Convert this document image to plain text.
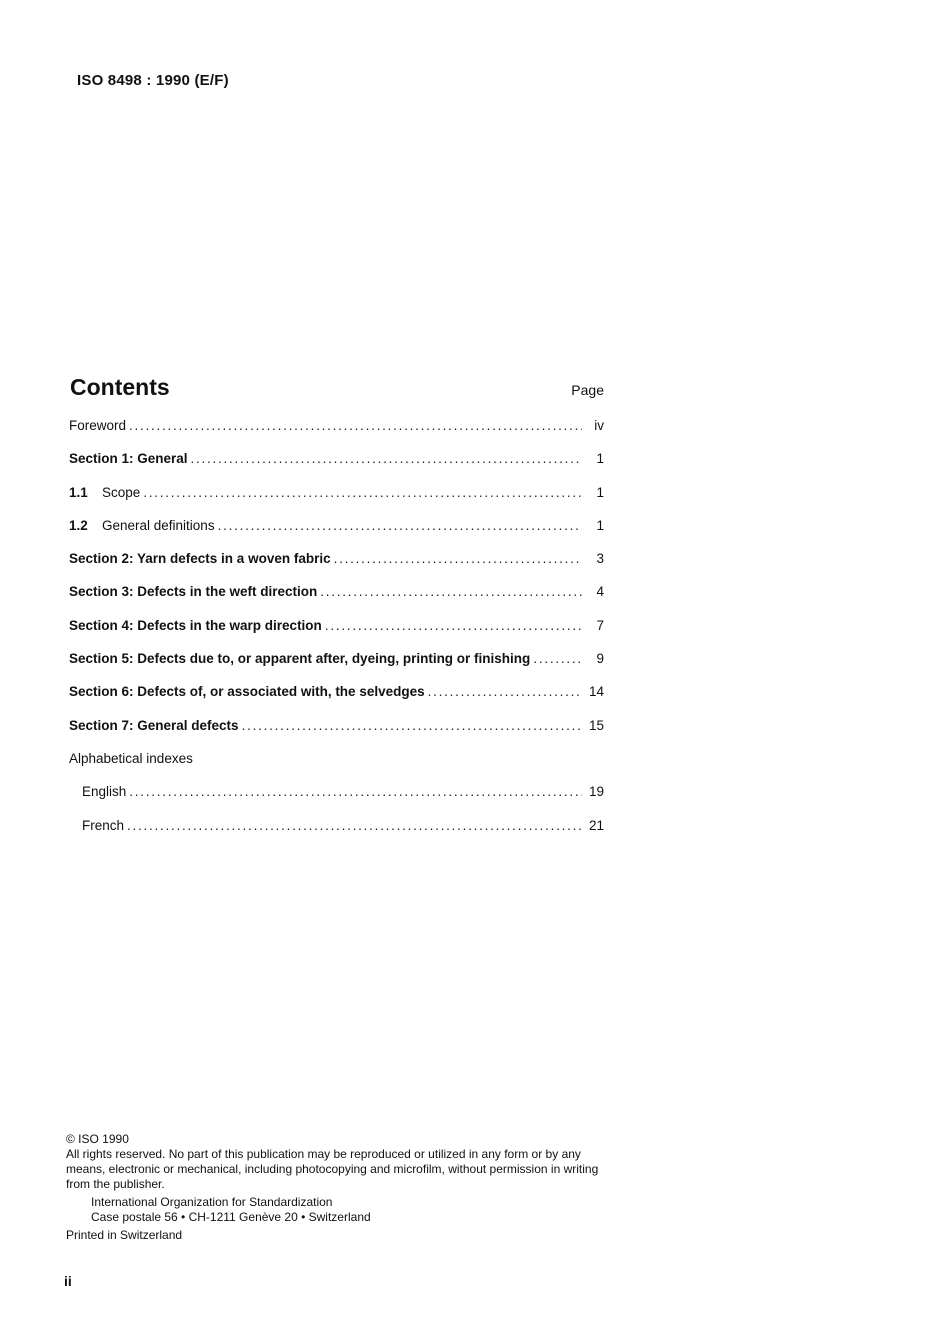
ISO 8498 : 1990 (E/F)
Contents	Page
Foreword . . .	iv
Section 1: General . . .	1
1.1	Scope . . .	1
1.2	General definitions . . .	1
Section 2: Yarn defects in a woven fabric . . .	3
Section 3: Defects in the weft direction . . .	4
Section 4: Defects in the warp direction . . .	7
Section 5: Defects due to, or apparent after, dyeing, printing or finishing . . .	9
Section 6: Defects of, or associated with, the selvedges . . .	14
Section 7: General defects . . .	15
Alphabetical indexes
English . . .	19
French . . .	21
© ISO 1990
All rights reserved. No part of this publication may be reproduced or utilized in any form or by any means, electronic or mechanical, including photocopying and microfilm, without permission in writing from the publisher.
International Organization for Standardization
Case postale 56 • CH-1211 Genève 20 • Switzerland
Printed in Switzerland
ii
